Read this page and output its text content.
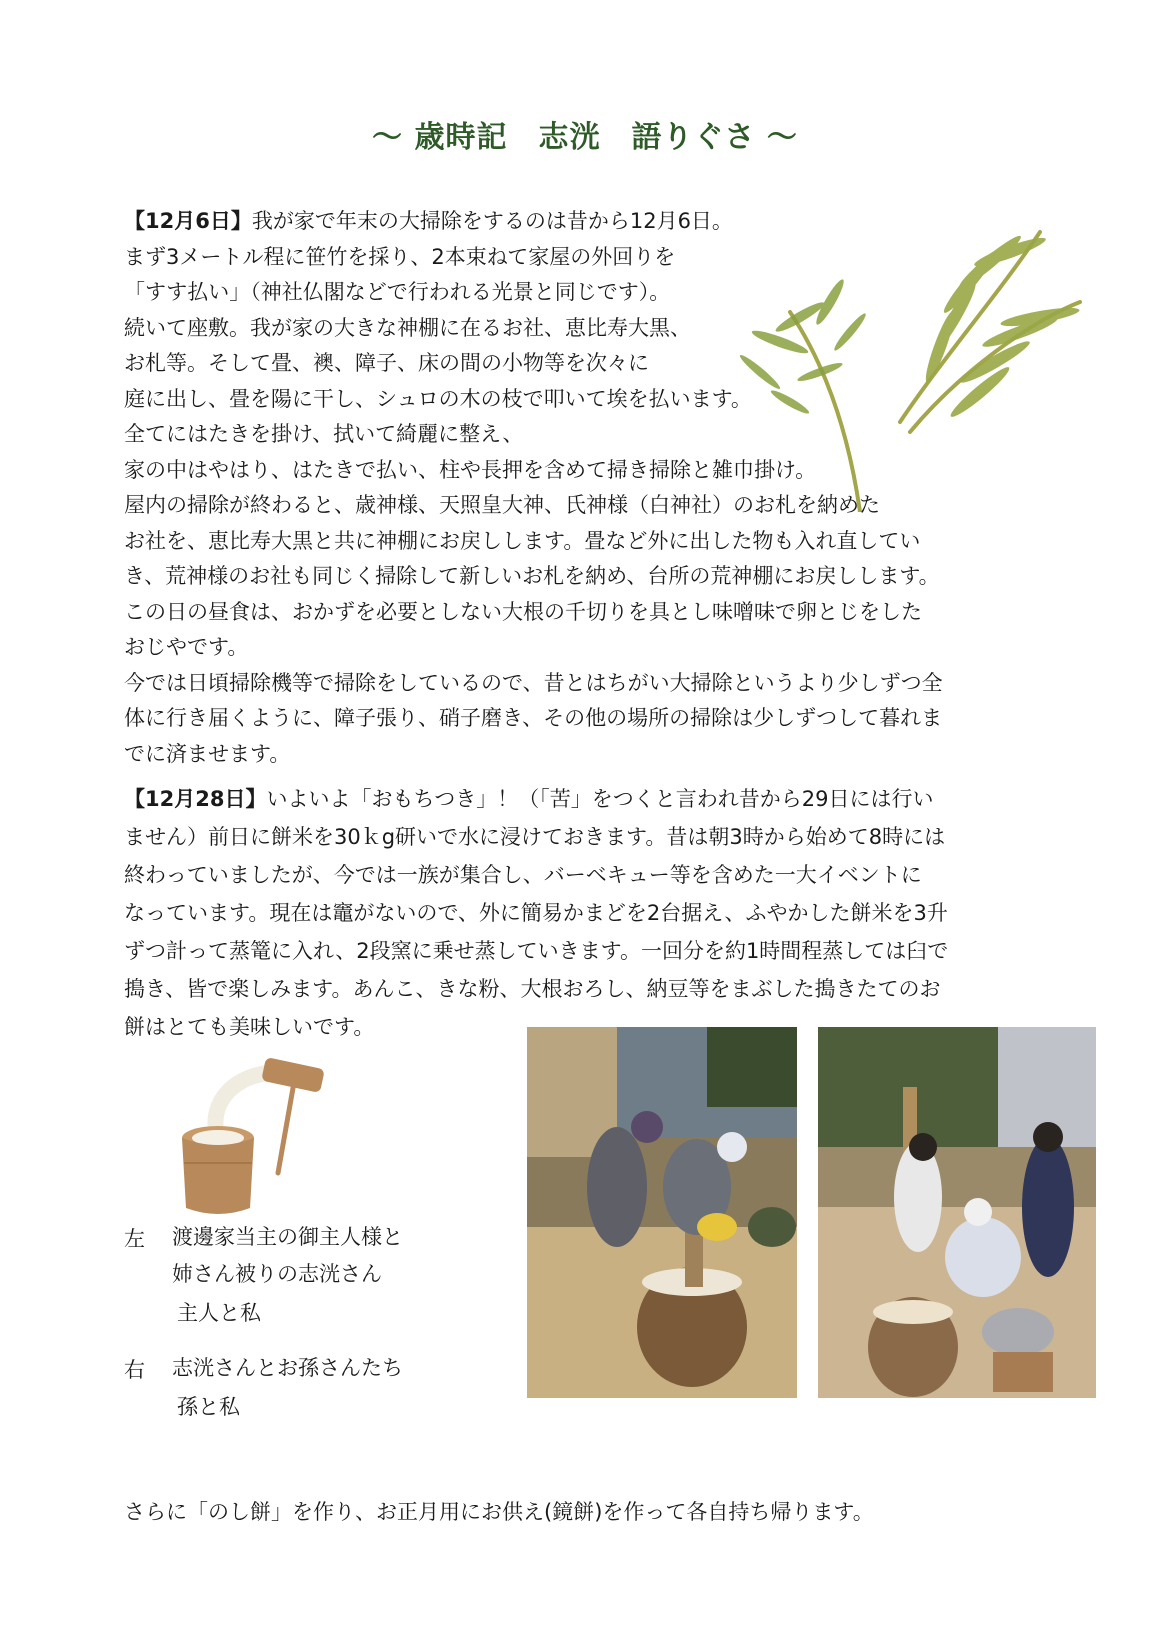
〜 歳時記　志洸　語りぐさ 〜
【12月6日】我が家で年末の大掃除をするのは昔から12月6日。
まず3メートル程に笹竹を採り、2本束ねて家屋の外回りを
「すす払い」（神社仏閣などで行われる光景と同じです）。
続いて座敷。我が家の大きな神棚に在るお社、恵比寿大黒、
お札等。そして畳、襖、障子、床の間の小物等を次々に
庭に出し、畳を陽に干し、シュロの木の枝で叩いて埃を払います。
全てにはたきを掛け、拭いて綺麗に整え、
家の中はやはり、はたきで払い、柱や長押を含めて掃き掃除と雑巾掛け。
屋内の掃除が終わると、歳神様、天照皇大神、氏神様（白神社）のお札を納めた
お社を、恵比寿大黒と共に神棚にお戻しします。畳など外に出した物も入れ直してい
き、荒神様のお社も同じく掃除して新しいお札を納め、台所の荒神棚にお戻しします。
この日の昼食は、おかずを必要としない大根の千切りを具とし味噌味で卵とじをした
おじやです。
今では日頃掃除機等で掃除をしているので、昔とはちがい大掃除というより少しずつ全
体に行き届くように、障子張り、硝子磨き、その他の場所の掃除は少しずつして暮れま
でに済ませます。
【12月28日】いよいよ「おもちつき」！（「苦」をつくと言われ昔から29日には行い
ません）前日に餅米を30ｋg研いで水に浸けておきます。昔は朝3時から始めて8時には
終わっていましたが、今では一族が集合し、バーベキュー等を含めた一大イベントに
なっています。現在は竈がないので、外に簡易かまどを2台据え、ふやかした餅米を3升
ずつ計って蒸篭に入れ、2段窯に乗せ蒸していきます。一回分を約1時間程蒸しては臼で
搗き、皆で楽しみます。あんこ、きな粉、大根おろし、納豆等をまぶした搗きたてのお
餅はとても美味しいです。
左 渡邊家当主の御主人様と
姉さん被りの志洸さん
主人と私
右 志洸さんとお孫さんたち
孫と私
さらに「のし餅」を作り、お正月用にお供え(鏡餅)を作って各自持ち帰ります。
